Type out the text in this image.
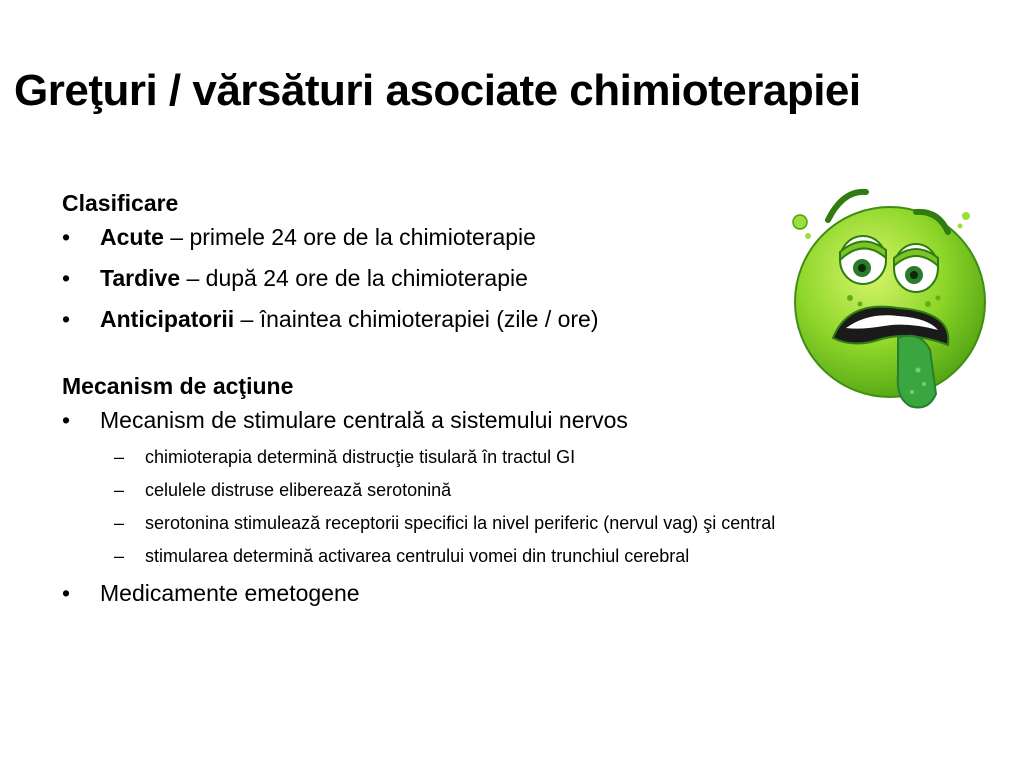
Greţuri / vărsături asociate chimioterapiei
Clasificare
• Acute – primele 24 ore de la chimioterapie
• Tardive – după 24 ore de la chimioterapie
• Anticipatorii – înaintea chimioterapiei (zile / ore)
Mecanism de acţiune
• Mecanism de stimulare centrală a sistemului nervos
– chimioterapia determină distrucţie tisulară în tractul GI
– celulele distruse eliberează serotonină
– serotonina stimulează receptorii specifici la nivel periferic (nervul vag) şi central
– stimularea determină activarea centrului vomei din trunchiul cerebral
• Medicamente emetogene
